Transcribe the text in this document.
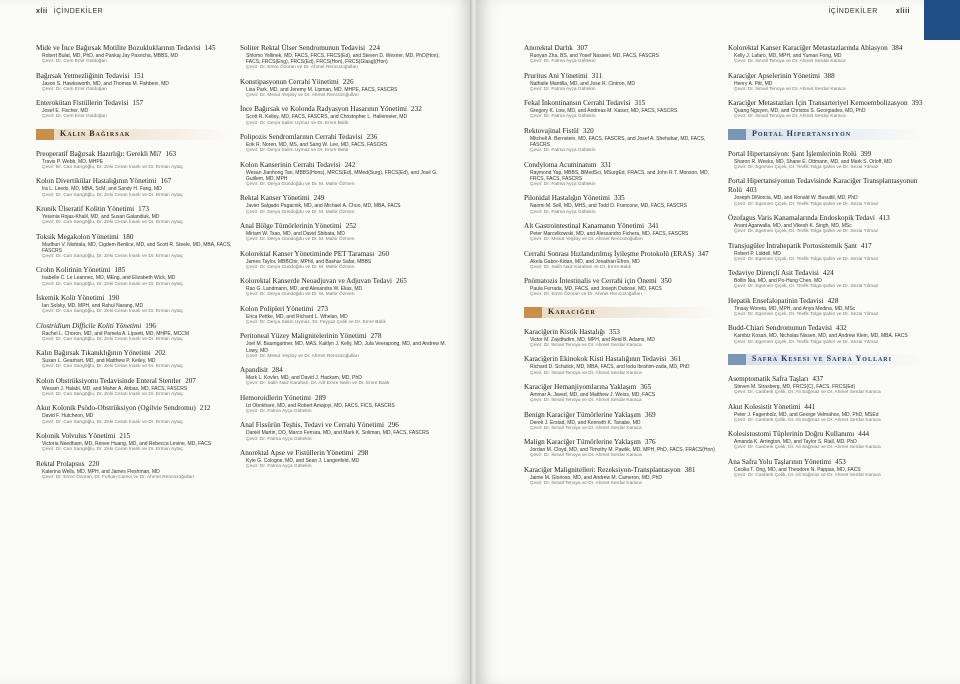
xlii İÇİNDEKİLER
Mide ve İnce Bağırsak Motilite Bozukluklarının Tedavisi 145
Robert Bulat, MD, PhD, and Pankaj Jay Pasricha, MBBS, MD
Çevir: Dr. Cem Emir Güldoğan
Bağırsak Yetmezliğinin Tedavisi 151
Jason S. Hawksworth, MD, and Thomas M. Fishbein, MD
Çevir: Dr. Cem Emir Güldoğan
Enterokütan Fistüllerin Tedavisi 157
Josef E. Fischer, MD
Çevir: Dr. Cem Emir Güldoğan
Kalın Bağırsak
Preoperatif Bağırsak Hazırlığı: Gerekli Mi? 163
Travis P. Webb, MD, MHPE
Çevir: Dr. Can Sarıgöğlu, Dr. Zeki Ceran İnanlı ve Dr. Erman Aytaç
Kolon Divertikülar Hastalığının Yönetimi 167
Ira L. Leeds, MD, MBA, ScM, and Sandy H. Fang, MD
Çevir: Dr. Can Sarıgöğlu, Dr. Zeki Ceran İnanlı ve Dr. Erman Aytaç
Kronik Ülseratif Kolitin Yönetimi 173
Yesenia Rojas-Khalil, MD, and Susan Galandiuk, MD
Çevir: Dr. Can Sarıgöğlu, Dr. Zeki Ceran İnanlı ve Dr. Erman Aytaç
Toksik Megakolon Yönetimi 180
Madhuri V. Nishtala, MD, Cigdem Benlice, MD, and Scott R. Steele, MD, MBA, FACS, FASCRS
Çevir: Dr. Can Sarıgöğlu, Dr. Zeki Ceran İnanlı ve Dr. Erman Aytaç
Crohn Kolitinin Yönetimi 185
Isabelle C. Le Leannec, MD, MEng, and Elizabeth Wick, MD
Çevir: Dr. Can Sarıgöğlu, Dr. Zeki Ceran İnanlı ve Dr. Erman Aytaç
İskemik Kolit Yönetimi 190
Ian Solsky, MD, MPH, and Rahul Narang, MD
Çevir: Dr. Can Sarıgöğlu, Dr. Zeki Ceran İnanlı ve Dr. Erman Aytaç
Clostridium Difficile Koliti Yönetimi 196
Rachel L. Choron, MD, and Pamela A. Lipsett, MD, MHPE, MCCM
Çevir: Dr. Can Sarıgöğlu, Dr. Zeki Ceran İnanlı ve Dr. Erman Aytaç
Kalın Bağırsak Tıkanıklığının Yönetimi 202
Susan L. Gearhart, MD, and Matthew P. Kelley, MD
Çevir: Dr. Can Sarıgöğlu, Dr. Zeki Ceran İnanlı ve Dr. Erman Aytaç
Kolon Obstrüksiyonu Tedavisinde Enteral Stentler 207
Wesam J. Halabi, MD, and Maher A. Abbas, MD, FACS, FASCRS
Çevir: Dr. Can Sarıgöğlu, Dr. Zeki Ceran İnanlı ve Dr. Erman Aytaç
Akut Kolonik Psödo-Obstrüksiyon (Ogilvie Sendromu) 212
David F. Hutcheon, MD
Çevir: Dr. Can Sarıgöğlu, Dr. Zeki Ceran İnanlı ve Dr. Erman Aytaç
Kolonik Volvulus Yönetimi 215
Victoria Needham, MD, Renee Huang, MD, and Rebecca Levine, MD, FACS
Çevir: Dr. Can Sarıgöğlu, Dr. Zeki Ceran İnanlı ve Dr. Erman Aytaç
Rektal Prolapsus 220
Katerina Wells, MD, MPH, and James Fleshman, MD
Çevir: Dr. Emre Özoran, Dr. Furkan Camcı ve Dr. Ahmet Rencüzoğulları
Soliter Rektal Ülser Sendromunun Tedavisi 224
Shlomo Yellinek, MD, FACS, FRCS, FRCS(Ed), and Steven D. Wexner, MD, PhD(Hon), FACS, FRCS(Eng), FRCS(Ed), FRCS(Hon), FRCS(Glasg)(Hon)
Çevir: Dr. Emre Özoran ve Dr. Ahmet Rencüzoğulları
Konstipasyonun Cerrahi Yönetimi 226
Lisa Park, MD, and Jeremy M. Lipman, MD, MHPE, FACS, FASCRS
Çevir: Dr. Mesut Yeşiloy ve Dr. Ahmet Rencüzoğulları
İnce Bağırsak ve Kolonda Radyasyon Hasarının Yönetimi 232
Scott R. Kelley, MD, FACS, FASCRS, and Christopher L. Hallemeier, MD
Çevir: Dr. Derya Salim Uymaz ve Dr. Emre Balık
Polipozis Sendromlarının Cerrahi Tedavisi 236
Erik R. Noren, MD, MS, and Sang W. Lee, MD, FACS, FASCRS
Çevir: Dr. Derya Salim Uymaz ve Dr. Emre Balık
Kolon Kanserinin Cerrahi Tedavisi 242
Wesan Jianhong Tan, MBBS(Hons), MRCS(Ed), MMed(Surg), FRCS(Ed), and José G. Guillem, MD, MPH
Çevir: Dr. Derya Gündoğdu ve Dr. M. Mahir Özmen
Rektal Kanser Yönetimi 249
Javier Salgado Pagacnik, MD, and Michael A. Choo, MD, MBA, FACS
Çevir: Dr. Derya Gündoğdu ve Dr. M. Mahir Özmen
Anal Bölge Tümörlerinin Yönetimi 252
Miriam W. Tsao, MD, and David Shibata, MD
Çevir: Dr. Derya Gündoğdu ve Dr. M. Mahir Özmen
Kolorektal Kanser Yönetiminde PET Taraması 260
James Taylor, MBBChir, MPhil, and Bashar Safar, MBBS
Çevir: Dr. Derya Gündoğdu ve Dr. M. Mahir Özmen
Kolorektal Kanserde Neoadjuvan ve Adjuvan Tedavi 265
Rao G. Landmann, MD, and Alexandra W. Elias, MD
Çevir: Dr. Derya Gündoğdu ve Dr. M. Mahir Özmen
Kolon Polipleri Yönetimi 273
Erica Pettke, MD, and Richard L. Whelan, MD
Çevir: Dr. Derya Salim Uymaz, Dr. Feyyaz Çelik ve Dr. Emre Balık
Peritoneal Yüzey Malignitelerinin Yönetimi 278
Joel M. Baumgartner, MD, MAS, Kaitlyn J. Kelly, MD, Jula Veerapong, MD, and Andrew M. Lowy, MD
Çevir: Dr. Mesut Yeşiloy ve Dr. Ahmet Rencüzoğulları
Apandisit 284
Mark L. Kovler, MD, and David J. Hackam, MD, PhD
Çevir: Dr. Salih Naiz Karahan, Dr. Arif Emre Nalın ve Dr. Emre Balık
Hemoroidlerin Yönetimi 289
Izi Obokhare, MD, and Robert Amajoyi, MD, FACS, FICS, FASCRS
Çevir: Dr. Fatma Ayça Gültekin
Anal Fissürün Teşhis, Tedavi ve Cerrahi Yönetimi 296
Daniel Martin, DO, Marco Ferrara, MD, and Mark K. Soliman, MD, FACS, FASCRS
Çevir: Dr. Fatma Ayça Gültekin
Anorektal Apse ve Fistüllerin Yönetimi 298
Kyle G. Cologne, MD, and Sean J. Langenfeld, MD
Çevir: Dr. Fatma Ayça Gültekin
İÇİNDEKİLER	xliii
Anorektal Darlık 307
Ruoyan Zha, BS, and Yosef Nasseri, MD, FACS, FASCRS
Çevir: Dr. Fatma Ayça Gültekin
Pruritus Ani Yönetimi 311
Nathalie Mantilla, MD, and Jose R. Cintron, MD
Çevir: Dr. Fatma Ayça Gültekin
Fekal İnkontinansın Cerrahi Tedavisi 315
Gregory K. Low, MD, and Andreas M. Kaiser, MD, FACS, FASCRS
Çevir: Dr. Fatma Ayça Gültekin
Rektovajinal Fistül 320
Mitchell A. Bernstein, MD, FACS, FASCRS, and Josef A. Shehebar, MD, FACS, FASCRS
Çevir: Dr. Fatma Ayça Gültekin
Condyloma Acuminatum 331
Raymond Yap, MBBS, BMedSci, MSurgEd, FRACS, and John R.T. Monson, MD, FRCS, FACS, FASCRS
Çevir: Dr. Fatma Ayça Gültekin
Pilonidal Hastalığın Yönetimi 335
Naomi M. Sell, MD, MHS, and Todd D. Francone, MD, FACS, FASCRS
Çevir: Dr. Fatma Ayça Gültekin
Alt Gastrointestinal Kanamanın Yönetimi 341
Peter Marcelkowski, MD, and Alessandro Fichera, MD, FACS, FASCRS
Çevir: Dr. Mesut Yeşiloy ve Dr. Ahmet Rencüzoğulları
Cerrahi Sonrası Hızlandırılmış İyileşme Protokolü (ERAS) 347
Akela Gabre-Kidan, MD, and Jonathan Efron, MD
Çevir: Dr. Salih Naiz Karahan ve Dr. Emre Balık
Pnömatozis İntestinalis ve Cerrahi için Önemi 350
Paula Ferrada, MD, FACS, and Joseph Dubose, MD, FACS
Çevir: Dr. Emre Özoran ve Dr. Ahmet Rencüzoğulları
Karaciğer
Karaciğerin Kistik Hastalığı 353
Victor M. Zaydfudim, MD, MPH, and Reid B. Adams, MD
Çevir: Dr. İsmail Tenoya ve Dr. Ahmet Serdar Karaca
Karaciğerin Ekinokok Kisti Hastalığının Tedavisi 361
Richard D. Schulick, MD, MBA, FACS, and Ioda Ibrahim-zada, MD, PhD
Çevir: Dr. İsmail Tenoya ve Dr. Ahmet Serdar Karaca
Karaciğer Hemanjiyomlarına Yaklaşım 365
Ammar A. Javed, MD, and Matthew J. Weiss, MD, FACS
Çevir: Dr. İsmail Tenoya ve Dr. Ahmet Serdar Karaca
Benign Karaciğer Tümörlerine Yaklaşım 369
Derek J. Erstad, MD, and Kenneth K. Tanabe, MD
Çevir: Dr. İsmail Tenoya ve Dr. Ahmet Serdar Karaca
Malign Karaciğer Tümörlerine Yaklaşım 376
Jordan M. Cloyd, MD, and Timothy M. Pawlik, MD, MPH, PhD, FACS, FRACS(Hon)
Çevir: Dr. İsmail Tenoya ve Dr. Ahmet Serdar Karaca
Karaciğer Malignitelleri: Rezeksiyon-Transplantasyon 381
Jaime M. Glorioso, MD, and Andrew M. Cameron, MD, PhD
Çevir: Dr. İsmail Tenoya ve Dr. Ahmet Serdar Karaca
Kolorektal Kanser Karaciğer Metastazlarında Ablasyon 384
Kelly J. Lafaro, MD, MPH, and Yuman Fong, MD
Çevir: Dr. İsmail Tenoya ve Dr. Ahmet Serdar Karaca
Karaciğer Apselerinin Yönetimi 388
Henry A. Pitt, MD
Çevir: Dr. İsmail Tenoya ve Dr. Ahmet Serdar Karaca
Karaciğer Metastazları İçin Transarteriyel Kemoembolizasyon 393
Quang Nguyen, MD, and Christos S. Georgiades, MD, PhD
Çevir: Dr. İsmail Tenoya ve Dr. Ahmet Serdar Karaca
Portal Hipertansiyon
Portal Hipertansiyon: Şant İşlemlerinin Rolü 399
Sharon R. Weeks, MD, Shane E. Ottmann, MD, and Mark S. Orloff, MD
Çevir: Dr. Egemen Çiçek, Dr. Tevfik Tolga Şahin ve Dr. Sezai Yılmaz
Portal Hipertansiyonun Tedavisinde Karaciğer Transplantasyonun Rolü 403
Joseph DiNorcia, MD, and Ronald W. Busuttil, MD, PhD
Çevir: Dr. Egemen Çiçek, Dr. Tevfik Tolga Şahin ve Dr. Sezai Yılmaz
Özofagus Varis Kanamalarında Endoskopik Tedavi 413
Anant Agarwalla, MD, and Vikesh K. Singh, MD, MSc
Çevir: Dr. Egemen Çiçek, Dr. Tevfik Tolga Şahin ve Dr. Sezai Yılmaz
Transjugüler İntrahepatik Portosistemik Şant 417
Robert P. Liddell, MD
Çevir: Dr. Egemen Çiçek, Dr. Tevfik Tolga Şahin ve Dr. Sezai Yılmaz
Tedaviye Dirençli Asit Tedavisi 424
Bollin Nia, MD, and Po-Hung Chen, MD
Çevir: Dr. Egemen Çiçek, Dr. Tevfik Tolga Şahin ve Dr. Sezai Yılmaz
Hepatik Ensefalopatinin Tedavisi 428
Tinsay Woreta, MD, MPH, and Anya Medina, MD, MSc
Çevir: Dr. Egemen Çiçek, Dr. Tevfik Tolga Şahin ve Dr. Sezai Yılmaz
Budd-Chiari Sendromunun Tedavisi 432
Kambiz Kosari, MD, Nicholas Nissen, MD, and Andrew Klein, MD, MBA, FACS
Çevir: Dr. Egemen Çiçek, Dr. Tevfik Tolga Şahin ve Dr. Sezai Yılmaz
Safra Kesesi ve Safra Yolları
Asemptomatik Safra Taşları 437
Steven M. Strasberg, MD, FRCS(C), FACS, FRCS(Ed)
Çevir: Dr. Canberk Çelik, Dr. Ali Sağmaz ve Dr. Ahmet Serdar Karaca
Akut Kolesistit Yönetimi 441
Peter J. Fagenholz, MD, and George Velmahos, MD, PhD, MSEd
Çevir: Dr. Canberk Çelik, Dr. Ali Sağmaz ve Dr. Ahmet Serdar Karaca
Kolesistostomi Tüplerinin Doğru Kullanımı 444
Amanda K. Arrington, MD, and Taylor S. Riall, MD, PhD
Çevir: Dr. Canberk Çelik, Dr. Ali Sağmaz ve Dr. Ahmet Serdar Karaca
Ana Safra Yolu Taşlarının Yönetimi 453
Cecilia T. Ong, MD, and Theodore N. Pappas, MD, FACS
Çevir: Dr. Canberk Çelik, Dr. Ali Sağmaz ve Dr. Ahmet Serdar Karaca
